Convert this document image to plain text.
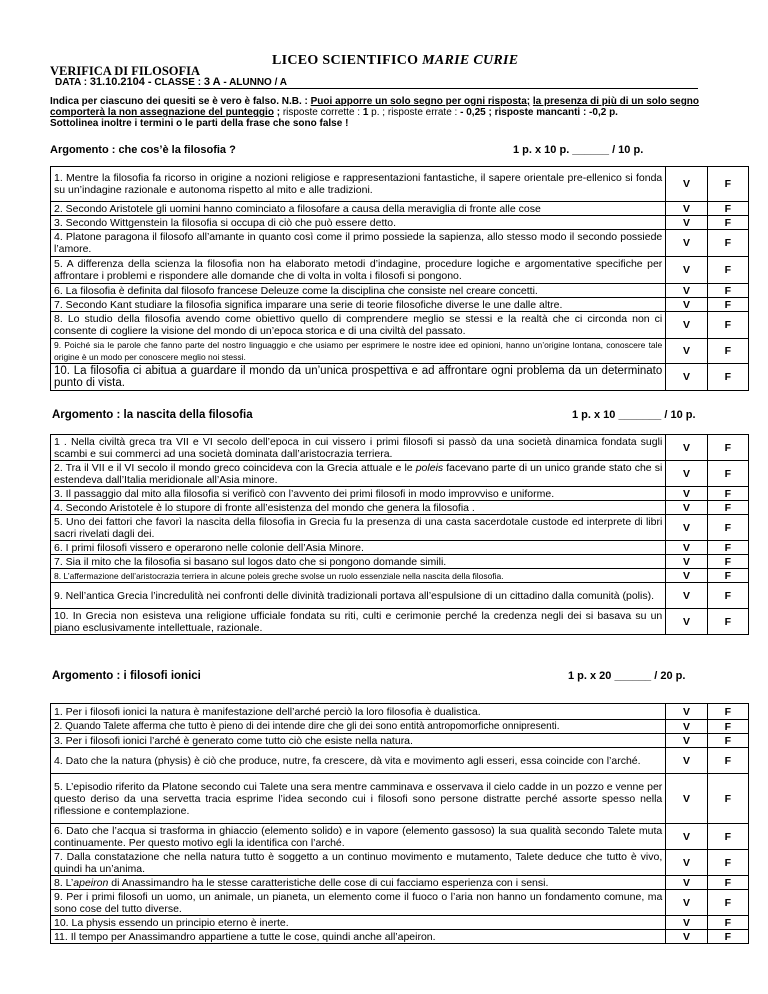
LICEO SCIENTIFICO MARIE CURIE
VERIFICA DI FILOSOFIA
DATA : 31.10.2104 - CLASSE : 3 A - ALUNNO / A
Indica per ciascuno dei quesiti se è vero è falso. N.B. : Puoi apporre un solo segno per ogni risposta; la presenza di più di un solo segno comporterà la non assegnazione del punteggio ; risposte corrette : 1 p. ; risposte errate : - 0,25 ; risposte mancanti : -0,2 p.
Sottolinea inoltre i termini o le parti della frase che sono false !
Argomento : che cos’è la filosofia ?	1 p. x 10 p. ______ / 10 p.
1. Mentre la filosofia fa ricorso in origine a nozioni religiose e rappresentazioni fantastiche, il sapere orientale pre-ellenico si fonda su un’indagine razionale e autonoma rispetto al mito e alle tradizioni.	V	F
2. Secondo Aristotele gli uomini hanno cominciato a filosofare a causa della meraviglia di fronte alle cose	V	F
3. Secondo Wittgenstein la filosofia si occupa di ciò che può essere detto.	V	F
4. Platone paragona il filosofo all’amante in quanto così come il primo possiede la sapienza, allo stesso modo il secondo possiede l’amore.	V	F
5. A differenza della scienza la filosofia non ha elaborato metodi d’indagine, procedure logiche e argomentative specifiche per affrontare i problemi e rispondere alle domande che di volta in volta i filosofi si pongono.	V	F
6. La filosofia è definita dal filosofo francese Deleuze come la disciplina che consiste nel creare concetti.	V	F
7. Secondo Kant studiare la filosofia significa imparare una serie di teorie filosofiche diverse le une dalle altre.	V	F
8. Lo studio della filosofia avendo come obiettivo quello di comprendere meglio se stessi e la realtà che ci circonda non ci consente di cogliere la visione del mondo di un’epoca storica e di una civiltà del passato.	V	F
9. Poiché sia le parole che fanno parte del nostro linguaggio e che usiamo per esprimere le nostre idee ed opinioni, hanno un’origine lontana, conoscere tale origine è un modo per conoscere meglio noi stessi.	V	F
10. La filosofia ci abitua a guardare il mondo da un’unica prospettiva e ad affrontare ogni problema da un determinato punto di vista.	V	F
Argomento : la nascita della filosofia	1 p. x 10 _______ / 10 p.
1 . Nella civiltà greca tra VII e VI secolo dell’epoca in cui vissero i primi filosofi si passò da una società dinamica fondata sugli scambi e sui commerci ad una società dominata dall’aristocrazia terriera.	V	F
2. Tra il VII e il VI secolo il mondo greco coincideva con la Grecia attuale e le poleis facevano parte di un unico grande stato che si estendeva dall’Italia meridionale all’Asia minore.	V	F
3. Il passaggio dal mito alla filosofia si verificò con l’avvento dei primi filosofi in modo improvviso e uniforme.	V	F
4. Secondo Aristotele è lo stupore di fronte all’esistenza del mondo che genera la filosofia .	V	F
5. Uno dei fattori che favorì la nascita della filosofia in Grecia fu la presenza di una casta sacerdotale custode ed interprete di libri sacri rivelati dagli dei.	V	F
6. I primi filosofi vissero e operarono nelle colonie dell’Asia Minore.	V	F
7. Sia il mito che la filosofia si basano sul logos dato che si pongono domande simili.	V	F
8. L’affermazione dell’aristocrazia terriera in alcune poleis greche svolse un ruolo essenziale nella nascita della filosofia.	V	F
9. Nell’antica Grecia l’incredulità nei confronti delle divinità tradizionali portava all’espulsione di un cittadino dalla comunità (polis).	V	F
10. In Grecia non esisteva una religione ufficiale fondata su riti, culti e cerimonie perché la credenza negli dei si basava su un piano esclusivamente intellettuale, razionale.	V	F
Argomento : i filosofi ionici	1 p. x 20 ______ / 20 p.
1. Per i filosofi ionici la natura è manifestazione dell’arché perciò la loro filosofia è dualistica.	V	F
2. Quando Talete afferma che tutto è pieno di dei intende dire che gli dei sono entità antropomorfiche onnipresenti.	V	F
3. Per i filosofi ionici l’arché è generato come tutto ciò che esiste nella natura.	V	F
4. Dato che la natura (physis) è ciò che produce, nutre, fa crescere, dà vita e movimento agli esseri, essa coincide con l’arché.	V	F
5. L’episodio riferito da Platone secondo cui Talete una sera mentre camminava e osservava il cielo cadde in un pozzo e venne per questo deriso da una servetta tracia esprime l’idea secondo cui i filosofi sono persone distratte perché assorte spesso nella riflessione e contemplazione.	V	F
6. Dato che l’acqua si trasforma in ghiaccio (elemento solido) e in vapore (elemento gassoso) la sua qualità secondo Talete muta continuamente. Per questo motivo egli la identifica con l’arché.	V	F
7. Dalla constatazione che nella natura tutto è soggetto a un continuo movimento e mutamento, Talete deduce che tutto è vivo, quindi ha un’anima.	V	F
8. L’apeiron di Anassimandro ha le stesse caratteristiche delle cose di cui facciamo esperienza con i sensi.	V	F
9. Per i primi filosofi un uomo, un animale, un pianeta, un elemento come il fuoco o l’aria non hanno un fondamento comune, ma sono cose del tutto diverse.	V	F
10. La physis essendo un principio eterno è inerte.	V	F
11. Il tempo per Anassimandro appartiene a tutte le cose, quindi anche all’apeiron.	V	F
